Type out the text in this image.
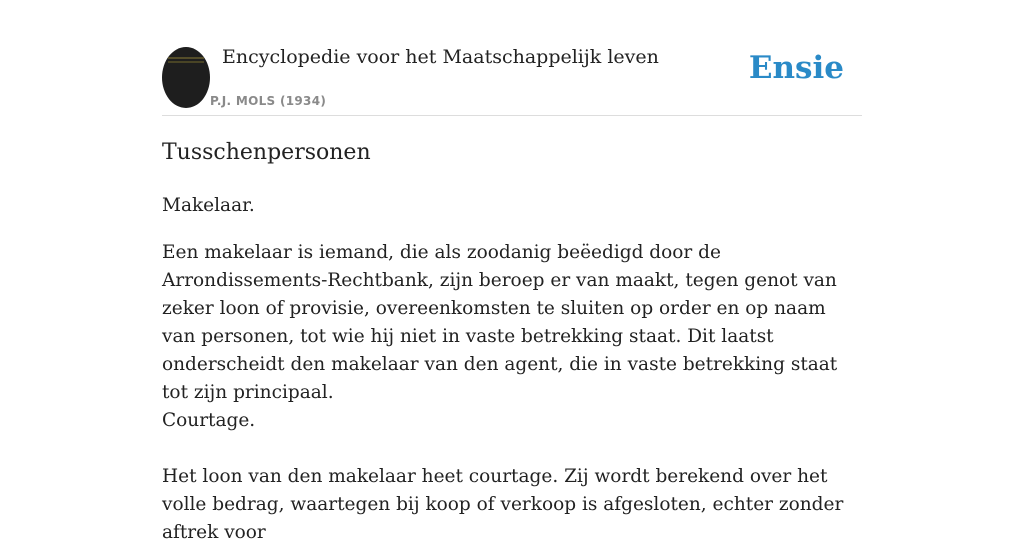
Encyclopedie voor het Maatschappelijk leven
P.J. MOLS (1934)
Ensie
Tusschenpersonen

Makelaar.

Een makelaar is iemand, die als zoodanig beëedigd door de Arrondissements-Rechtbank, zijn beroep er van maakt, tegen genot van zeker loon of provisie, overeenkomsten te sluiten op order en op naam van personen, tot wie hij niet in vaste betrekking staat. Dit laatst onderscheidt den makelaar van den agent, die in vaste betrekking staat tot zijn principaal.

Courtage.

Het loon van den makelaar heet courtage. Zij wordt berekend over het volle bedrag, waartegen bij koop of verkoop is afgesloten, echter zonder aftrek voor
